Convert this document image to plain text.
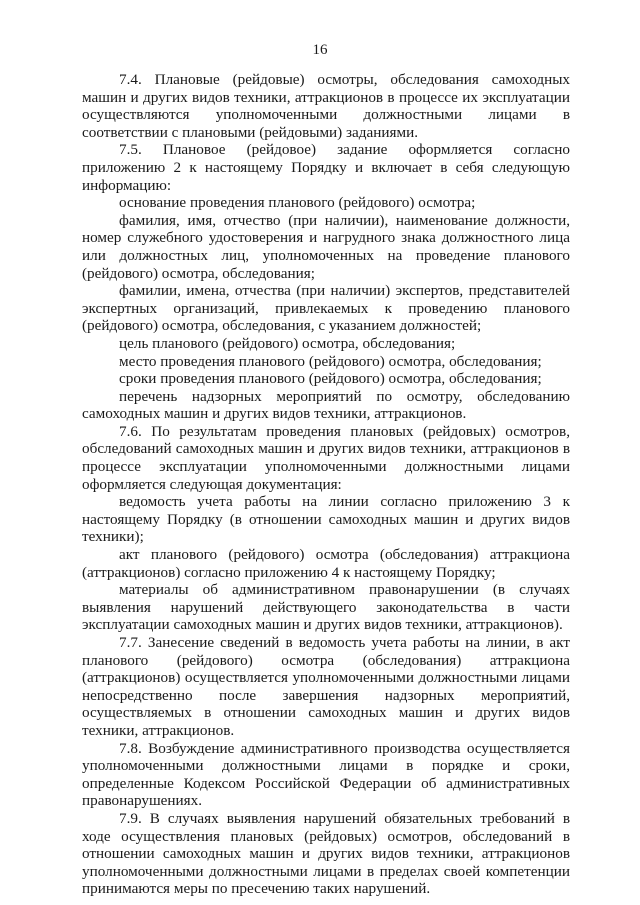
16

7.4. Плановые (рейдовые) осмотры, обследования самоходных машин и других видов техники, аттракционов в процессе их эксплуатации осуществляются уполномоченными должностными лицами в соответствии с плановыми (рейдовыми) заданиями.

7.5. Плановое (рейдовое) задание оформляется согласно приложению 2 к настоящему Порядку и включает в себя следующую информацию:

основание проведения планового (рейдового) осмотра;

фамилия, имя, отчество (при наличии), наименование должности, номер служебного удостоверения и нагрудного знака должностного лица или должностных лиц, уполномоченных на проведение планового (рейдового) осмотра, обследования;

фамилии, имена, отчества (при наличии) экспертов, представителей экспертных организаций, привлекаемых к проведению планового (рейдового) осмотра, обследования, с указанием должностей;

цель планового (рейдового) осмотра, обследования;

место проведения планового (рейдового) осмотра, обследования;

сроки проведения планового (рейдового) осмотра, обследования;

перечень надзорных мероприятий по осмотру, обследованию самоходных машин и других видов техники, аттракционов.

7.6. По результатам проведения плановых (рейдовых) осмотров, обследований самоходных машин и других видов техники, аттракционов в процессе эксплуатации уполномоченными должностными лицами оформляется следующая документация:

ведомость учета работы на линии согласно приложению 3 к настоящему Порядку (в отношении самоходных машин и других видов техники);

акт планового (рейдового) осмотра (обследования) аттракциона (аттракционов) согласно приложению 4 к настоящему Порядку;

материалы об административном правонарушении (в случаях выявления нарушений действующего законодательства в части эксплуатации самоходных машин и других видов техники, аттракционов).

7.7. Занесение сведений в ведомость учета работы на линии, в акт планового (рейдового) осмотра (обследования) аттракциона (аттракционов) осуществляется уполномоченными должностными лицами непосредственно после завершения надзорных мероприятий, осуществляемых в отношении самоходных машин и других видов техники, аттракционов.

7.8. Возбуждение административного производства осуществляется уполномоченными должностными лицами в порядке и сроки, определенные Кодексом Российской Федерации об административных правонарушениях.

7.9. В случаях выявления нарушений обязательных требований в ходе осуществления плановых (рейдовых) осмотров, обследований в отношении самоходных машин и других видов техники, аттракционов уполномоченными должностными лицами в пределах своей компетенции принимаются меры по пресечению таких нарушений.
